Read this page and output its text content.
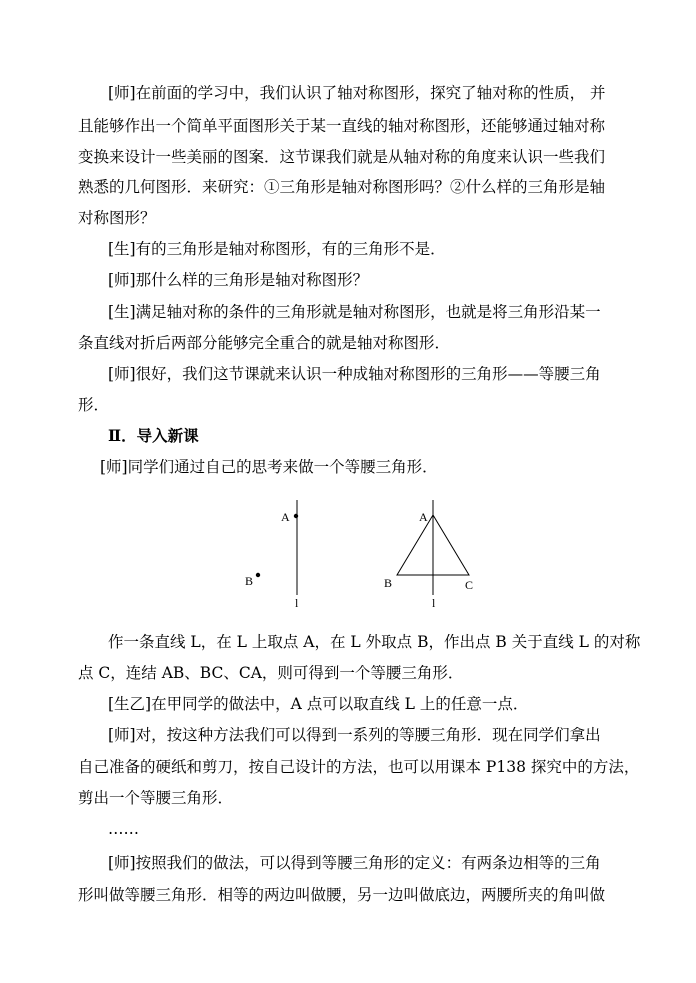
[师]在前面的学习中，我们认识了轴对称图形，探究了轴对称的性质， 并
且能够作出一个简单平面图形关于某一直线的轴对称图形，还能够通过轴对称
变换来设计一些美丽的图案．这节课我们就是从轴对称的角度来认识一些我们
熟悉的几何图形．来研究：①三角形是轴对称图形吗？②什么样的三角形是轴
对称图形？
[生]有的三角形是轴对称图形，有的三角形不是．
[师]那什么样的三角形是轴对称图形？
[生]满足轴对称的条件的三角形就是轴对称图形，也就是将三角形沿某一
条直线对折后两部分能够完全重合的就是轴对称图形．
[师]很好，我们这节课就来认识一种成轴对称图形的三角形——等腰三角
形．
Ⅱ．导入新课
[师]同学们通过自己的思考来做一个等腰三角形．
A
B
l
A
B	C
l
作一条直线 L，在 L 上取点 A，在 L 外取点 B，作出点 B 关于直线 L 的对称
点 C，连结 AB、BC、CA，则可得到一个等腰三角形．
[生乙]在甲同学的做法中，A 点可以取直线 L 上的任意一点．
[师]对，按这种方法我们可以得到一系列的等腰三角形．现在同学们拿出
自己准备的硬纸和剪刀，按自己设计的方法，也可以用课本 P138 探究中的方法，
剪出一个等腰三角形．
……
[师]按照我们的做法，可以得到等腰三角形的定义：有两条边相等的三角
形叫做等腰三角形．相等的两边叫做腰，另一边叫做底边，两腰所夹的角叫做
